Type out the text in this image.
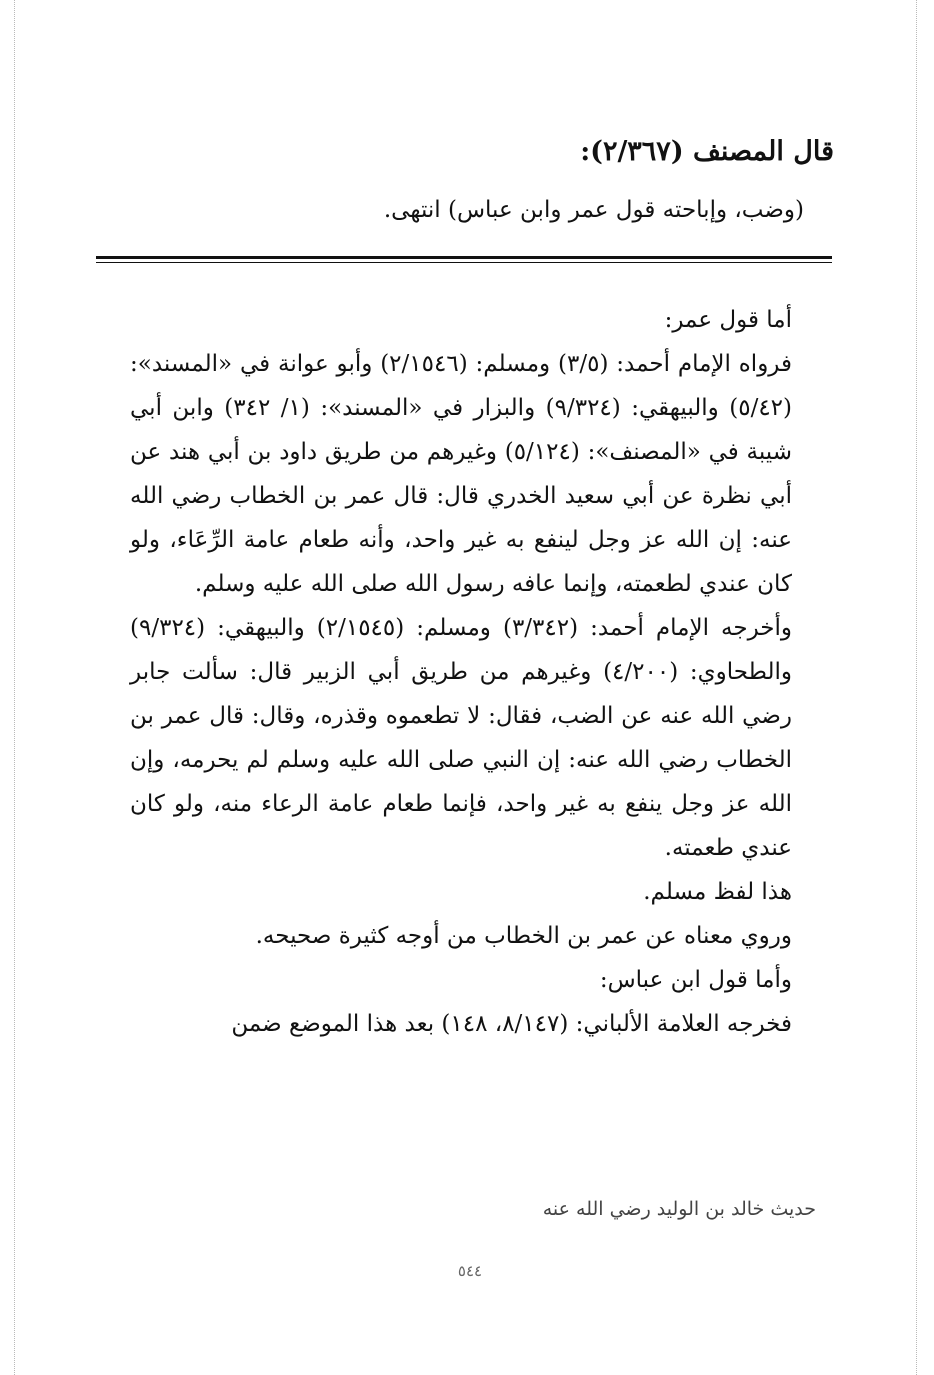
قال المصنف (٢/٣٦٧):
(وضب، وإباحته قول عمر وابن عباس) انتهى.

أما قول عمر:

فرواه الإمام أحمد: (٣/٥) ومسلم: (٢/١٥٤٦) وأبو عوانة في «المسند»: (٥/٤٢) والبيهقي: (٩/٣٢٤) والبزار في «المسند»: (١/ ٣٤٢) وابن أبي شيبة في «المصنف»: (٥/١٢٤) وغيرهم من طريق داود بن أبي هند عن أبي نظرة عن أبي سعيد الخدري قال: قال عمر بن الخطاب رضي الله عنه: إن الله عز وجل لينفع به غير واحد، وأنه طعام عامة الرِّعَاء، ولو كان عندي لطعمته، وإنما عافه رسول الله صلى الله عليه وسلم.

وأخرجه الإمام أحمد: (٣/٣٤٢) ومسلم: (٢/١٥٤٥) والبيهقي: (٩/٣٢٤) والطحاوي: (٤/٢٠٠) وغيرهم من طريق أبي الزبير قال: سألت جابر رضي الله عنه عن الضب، فقال: لا تطعموه وقذره، وقال: قال عمر بن الخطاب رضي الله عنه: إن النبي صلى الله عليه وسلم لم يحرمه، وإن الله عز وجل ينفع به غير واحد، فإنما طعام عامة الرعاء منه، ولو كان عندي طعمته.

هذا لفظ مسلم.

وروي معناه عن عمر بن الخطاب من أوجه كثيرة صحيحه.

وأما قول ابن عباس:

فخرجه العلامة الألباني: (٨/١٤٧، ١٤٨) بعد هذا الموضع ضمن

حديث خالد بن الوليد رضي الله عنه
٥٤٤
